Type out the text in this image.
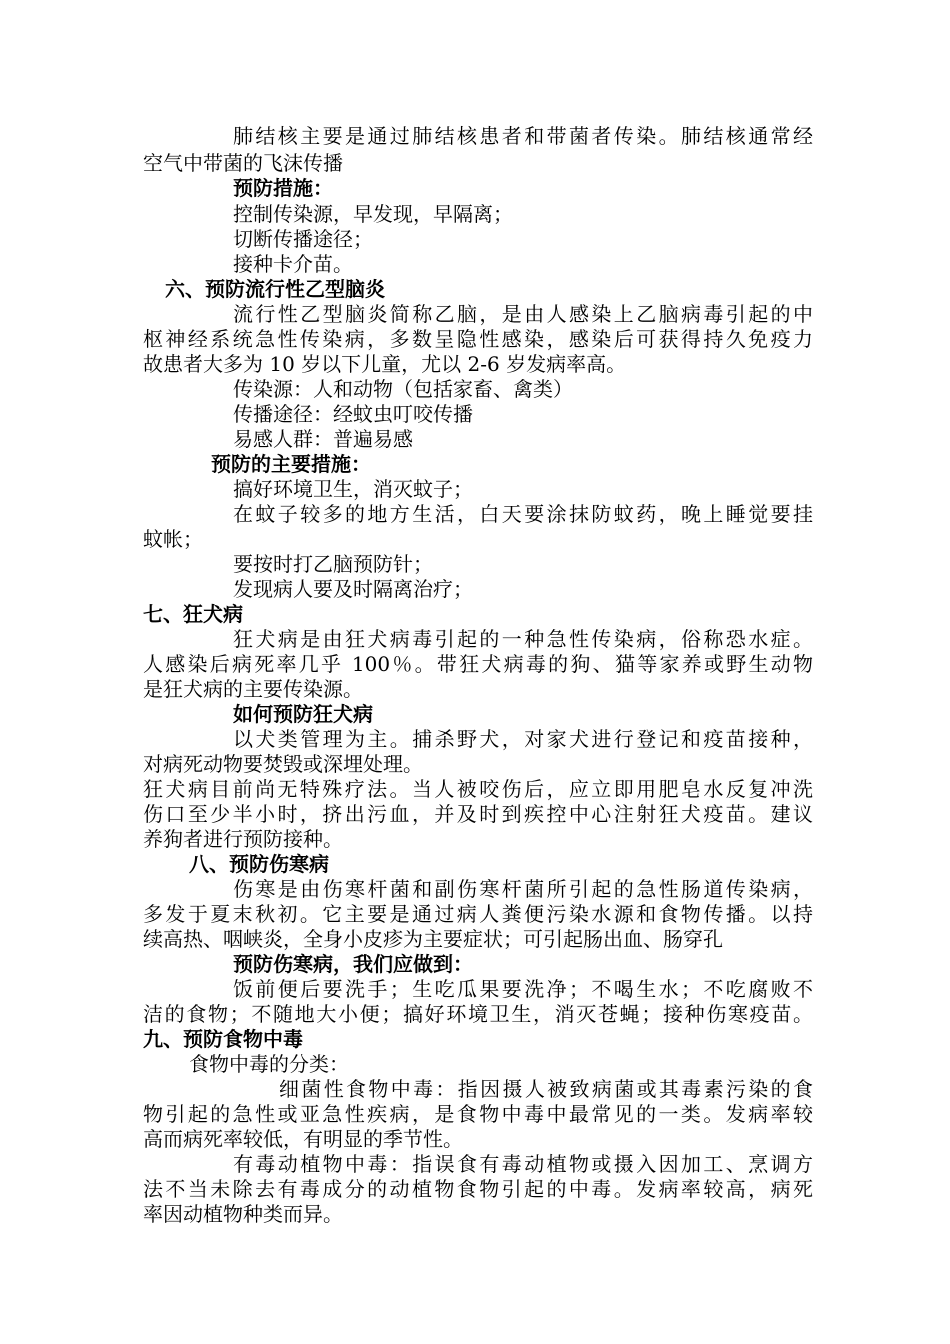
肺结核主要是通过肺结核患者和带菌者传染。肺结核通常经
空气中带菌的飞沫传播
预防措施：
控制传染源，早发现，早隔离；
切断传播途径；
接种卡介苗。
六、预防流行性乙型脑炎
流行性乙型脑炎简称乙脑，是由人感染上乙脑病毒引起的中
枢神经系统急性传染病，多数呈隐性感染，感染后可获得持久免疫力
故患者大多为 10 岁以下儿童，尤以 2-6 岁发病率高。
传染源：人和动物（包括家畜、禽类）
传播途径：经蚊虫叮咬传播
易感人群：普遍易感
预防的主要措施：
搞好环境卫生，消灭蚊子；
在蚊子较多的地方生活，白天要涂抹防蚊药，晚上睡觉要挂
蚊帐；
要按时打乙脑预防针；
发现病人要及时隔离治疗；
七、狂犬病
狂犬病是由狂犬病毒引起的一种急性传染病，俗称恐水症。
人感染后病死率几乎 100％。带狂犬病毒的狗、猫等家养或野生动物
是狂犬病的主要传染源。
如何预防狂犬病
以犬类管理为主。捕杀野犬，对家犬进行登记和疫苗接种，
对病死动物要焚毁或深埋处理。
狂犬病目前尚无特殊疗法。当人被咬伤后，应立即用肥皂水反复冲洗
伤口至少半小时，挤出污血，并及时到疾控中心注射狂犬疫苗。建议
养狗者进行预防接种。
八、预防伤寒病
伤寒是由伤寒杆菌和副伤寒杆菌所引起的急性肠道传染病，
多发于夏末秋初。它主要是通过病人粪便污染水源和食物传播。以持
续高热、咽峡炎，全身小皮疹为主要症状；可引起肠出血、肠穿孔
预防伤寒病，我们应做到：
饭前便后要洗手；生吃瓜果要洗净；不喝生水；不吃腐败不
洁的食物；不随地大小便；搞好环境卫生，消灭苍蝇；接种伤寒疫苗。
九、预防食物中毒
食物中毒的分类：
细菌性食物中毒：指因摄人被致病菌或其毒素污染的食
物引起的急性或亚急性疾病，是食物中毒中最常见的一类。发病率较
高而病死率较低，有明显的季节性。
有毒动植物中毒：指误食有毒动植物或摄入因加工、烹调方
法不当未除去有毒成分的动植物食物引起的中毒。发病率较高，病死
率因动植物种类而异。
